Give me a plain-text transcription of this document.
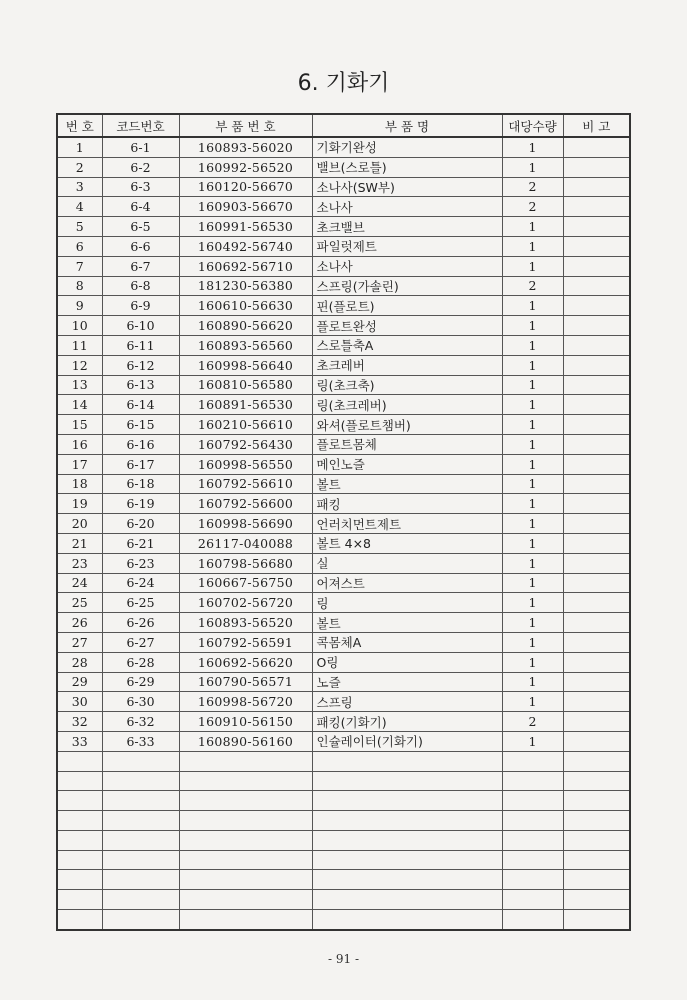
6. 기화기
번 호	코드번호	부 품 번 호	부 품 명	대당수량	비 고
1	6-1	160893-56020	기화기완성	1	
2	6-2	160992-56520	밸브(스로틀)	1	
3	6-3	160120-56670	소나사(SW부)	2	
4	6-4	160903-56670	소나사	2	
5	6-5	160991-56530	초크밸브	1	
6	6-6	160492-56740	파일럿제트	1	
7	6-7	160692-56710	소나사	1	
8	6-8	181230-56380	스프링(가솔린)	2	
9	6-9	160610-56630	핀(플로트)	1	
10	6-10	160890-56620	플로트완성	1	
11	6-11	160893-56560	스로틀축A	1	
12	6-12	160998-56640	초크레버	1	
13	6-13	160810-56580	링(초크축)	1	
14	6-14	160891-56530	링(초크레버)	1	
15	6-15	160210-56610	와셔(플로트챔버)	1	
16	6-16	160792-56430	플로트몸체	1	
17	6-17	160998-56550	메인노즐	1	
18	6-18	160792-56610	볼트	1	
19	6-19	160792-56600	패킹	1	
20	6-20	160998-56690	언러치먼트제트	1	
21	6-21	26117-040088	볼트 4×8	1	
23	6-23	160798-56680	실	1	
24	6-24	160667-56750	어져스트	1	
25	6-25	160702-56720	링	1	
26	6-26	160893-56520	볼트	1	
27	6-27	160792-56591	콕몸체A	1	
28	6-28	160692-56620	O링	1	
29	6-29	160790-56571	노즐	1	
30	6-30	160998-56720	스프링	1	
32	6-32	160910-56150	패킹(기화기)	2	
33	6-33	160890-56160	인슐레이터(기화기)	1	

- 91 -
